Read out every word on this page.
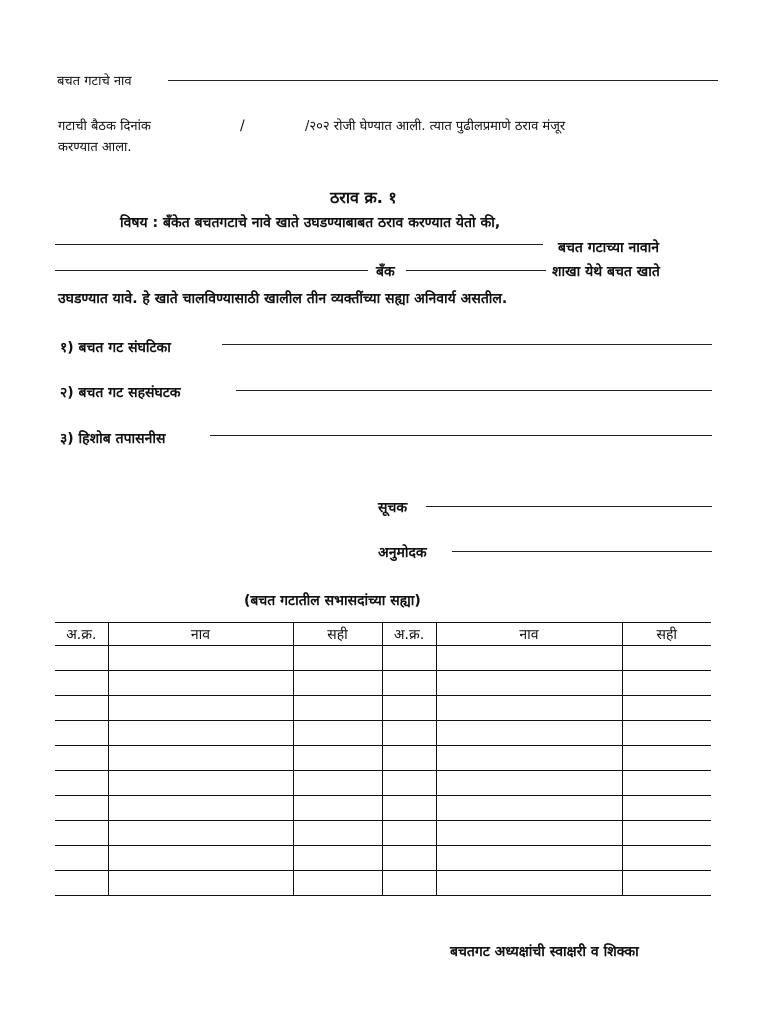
बचत गटाचे नाव
गटाची बैठक दिनांक	/	/२०२ रोजी घेण्यात आली. त्यात पुढीलप्रमाणे ठराव मंजूर
करण्यात आला.
ठराव क्र. १
विषय : बँकेत बचतगटाचे नावे खाते उघडण्याबाबत ठराव करण्यात येतो की,
बचत गटाच्या नावाने
बँक	शाखा येथे बचत खाते
उघडण्यात यावे. हे खाते चालविण्यासाठी खालील तीन व्यक्तींच्या सह्या अनिवार्य असतील.
१) बचत गट संघटिका
२) बचत गट सहसंघटक
३) हिशोब तपासनीस
सूचक
अनुमोदक
(बचत गटातील सभासदांच्या सह्या)
अ.क्र.	नाव	सही	अ.क्र.	नाव	सही

बचतगट अध्यक्षांची स्वाक्षरी व शिक्का
